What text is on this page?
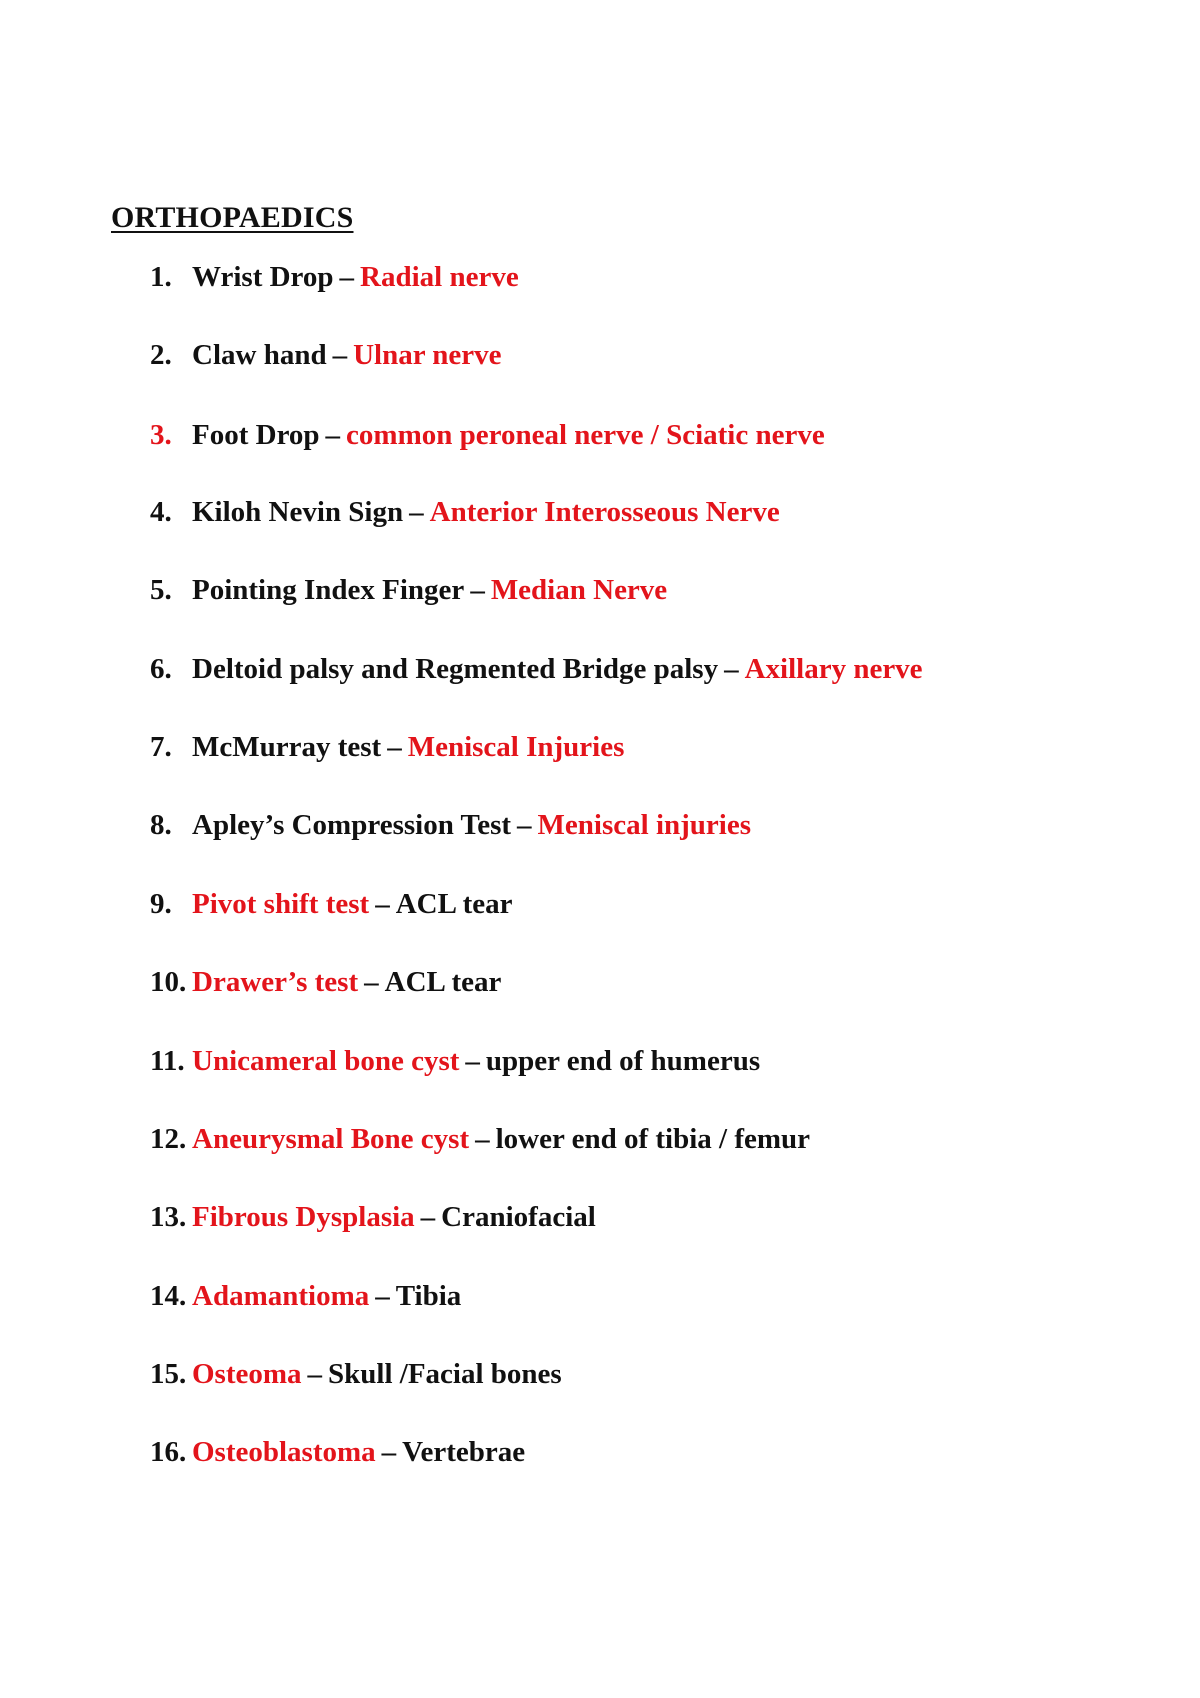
ORTHOPAEDICS
1. Wrist Drop – Radial nerve
2. Claw hand – Ulnar nerve
3. Foot Drop – common peroneal nerve / Sciatic nerve
4. Kiloh Nevin Sign – Anterior Interosseous Nerve
5. Pointing Index Finger – Median Nerve
6. Deltoid palsy and Regmented Bridge palsy – Axillary nerve
7. McMurray test – Meniscal Injuries
8. Apley’s Compression Test – Meniscal injuries
9. Pivot shift test – ACL tear
10. Drawer’s test – ACL tear
11. Unicameral bone cyst – upper end of humerus
12. Aneurysmal Bone cyst – lower end of tibia / femur
13. Fibrous Dysplasia – Craniofacial
14. Adamantioma – Tibia
15. Osteoma – Skull /Facial bones
16. Osteoblastoma – Vertebrae
